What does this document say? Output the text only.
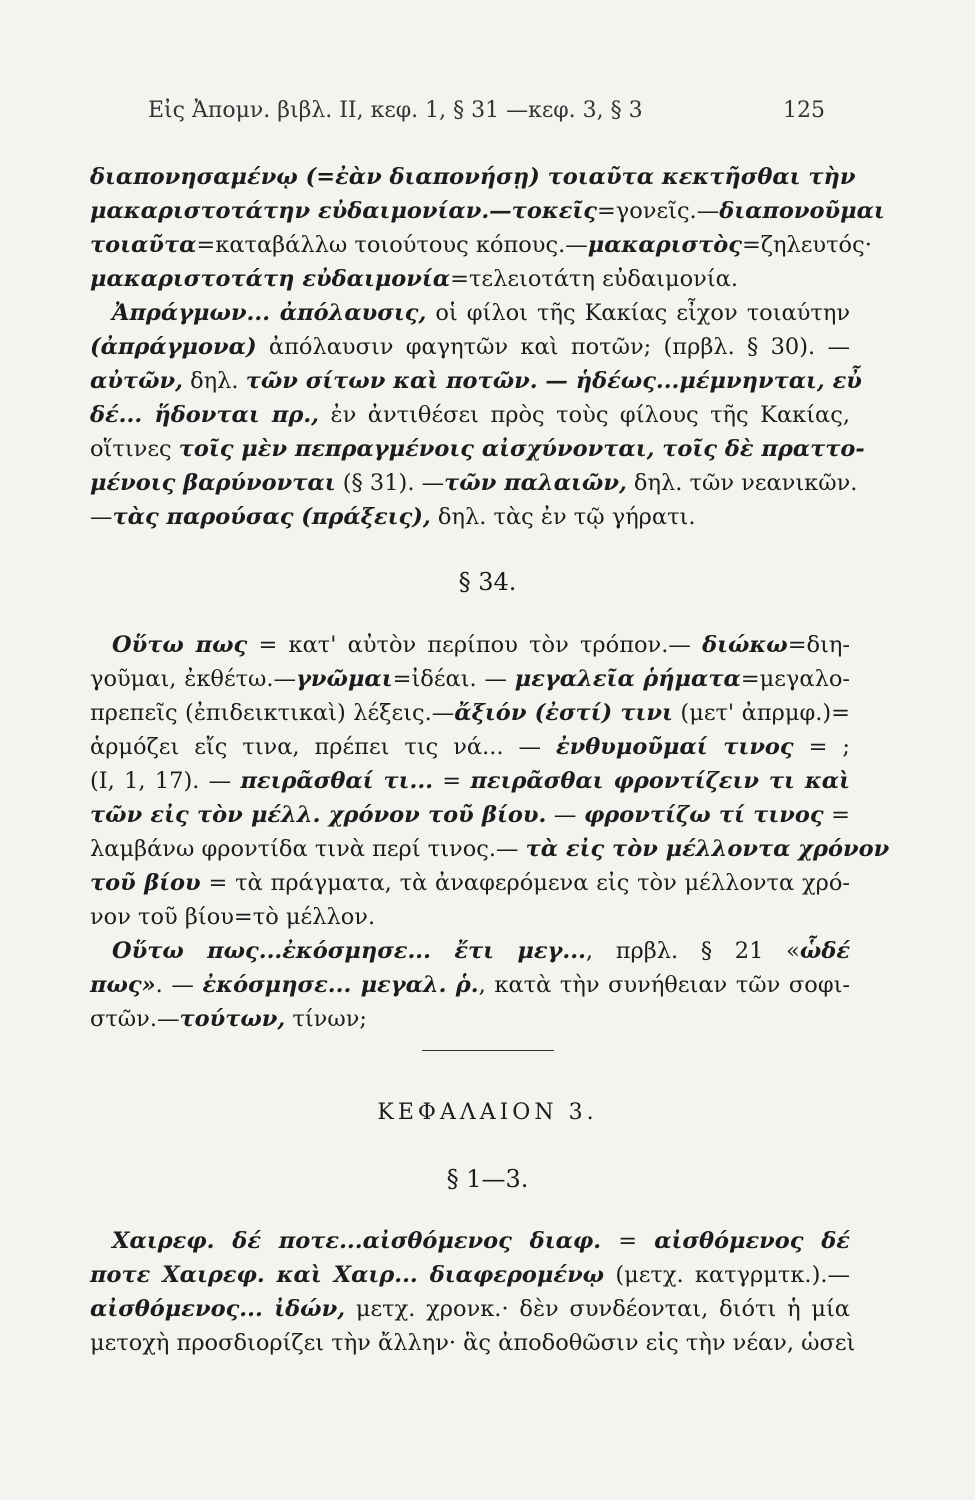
Εἰς Ἀπομν. βιβλ. ΙΙ, κεφ. 1, § 31 —κεφ. 3, § 3	125
διαπονησαμένῳ (=ἐὰν διαπονήσῃ) τοιαῦτα κεκτῆσθαι τὴν
μακαριστοτάτην εὐδαιμονίαν.—τοκεῖς=γονεῖς.—διαπονοῦμαι
τοιαῦτα=καταβάλλω τοιούτους κόπους.—μακαριστὸς=ζηλευτός·
μακαριστοτάτη εὐδαιμονία=τελειοτάτη εὐδαιμονία.
Ἀπράγμων... ἀπόλαυσις, οἱ φίλοι τῆς Κακίας εἶχον τοιαύτην
(ἀπράγμονα) ἀπόλαυσιν φαγητῶν καὶ ποτῶν; (πρβλ. § 30). —
αὐτῶν, δηλ. τῶν σίτων καὶ ποτῶν. — ἡδέως...μέμνηνται, εὖ
δέ... ἥδονται πρ., ἐν ἀντιθέσει πρὸς τοὺς φίλους τῆς Κακίας,
οἵτινες τοῖς μὲν πεπραγμένοις αἰσχύνονται, τοῖς δὲ πραττο-
μένοις βαρύνονται (§ 31). —τῶν παλαιῶν, δηλ. τῶν νεανικῶν.
—τὰς παρούσας (πράξεις), δηλ. τὰς ἐν τῷ γήρατι.
§ 34.
Οὕτω πως = κατ' αὐτὸν περίπου τὸν τρόπον.— διώκω=διη-
γοῦμαι, ἐκθέτω.—γνῶμαι=ἰδέαι. — μεγαλεῖα ῥήματα=μεγαλο-
πρεπεῖς (ἐπιδεικτικαὶ) λέξεις.—ἄξιόν (ἐστί) τινι (μετ' ἀπρμφ.)=
ἁρμόζει εἴς τινα, πρέπει τις νά... — ἐνθυμοῦμαί τινος = ;
(Ι, 1, 17). — πειρᾶσθαί τι... = πειρᾶσθαι φροντίζειν τι καὶ
τῶν εἰς τὸν μέλλ. χρόνον τοῦ βίου. — φροντίζω τί τινος =
λαμβάνω φροντίδα τινὰ περί τινος.— τὰ εἰς τὸν μέλλοντα χρόνον
τοῦ βίου = τὰ πράγματα, τὰ ἀναφερόμενα εἰς τὸν μέλλοντα χρό-
νον τοῦ βίου=τὸ μέλλον.
Οὕτω πως...ἐκόσμησε... ἔτι μεγ..., πρβλ. § 21 «ὧδέ
πως». — ἐκόσμησε... μεγαλ. ῥ., κατὰ τὴν συνήθειαν τῶν σοφι-
στῶν.—τούτων, τίνων;
ΚΕΦΑΛΑΙΟΝ 3.
§ 1—3.
Χαιρεφ. δέ ποτε...αἰσθόμενος διαφ. = αἰσθόμενος δέ
ποτε Χαιρεφ. καὶ Χαιρ... διαφερομένῳ (μετχ. κατγρμτκ.).—
αἰσθόμενος... ἰδών, μετχ. χρονκ.· δὲν συνδέονται, διότι ἡ μία
μετοχὴ προσδιορίζει τὴν ἄλλην· ἃς ἀποδοθῶσιν εἰς τὴν νέαν, ὡσεὶ
